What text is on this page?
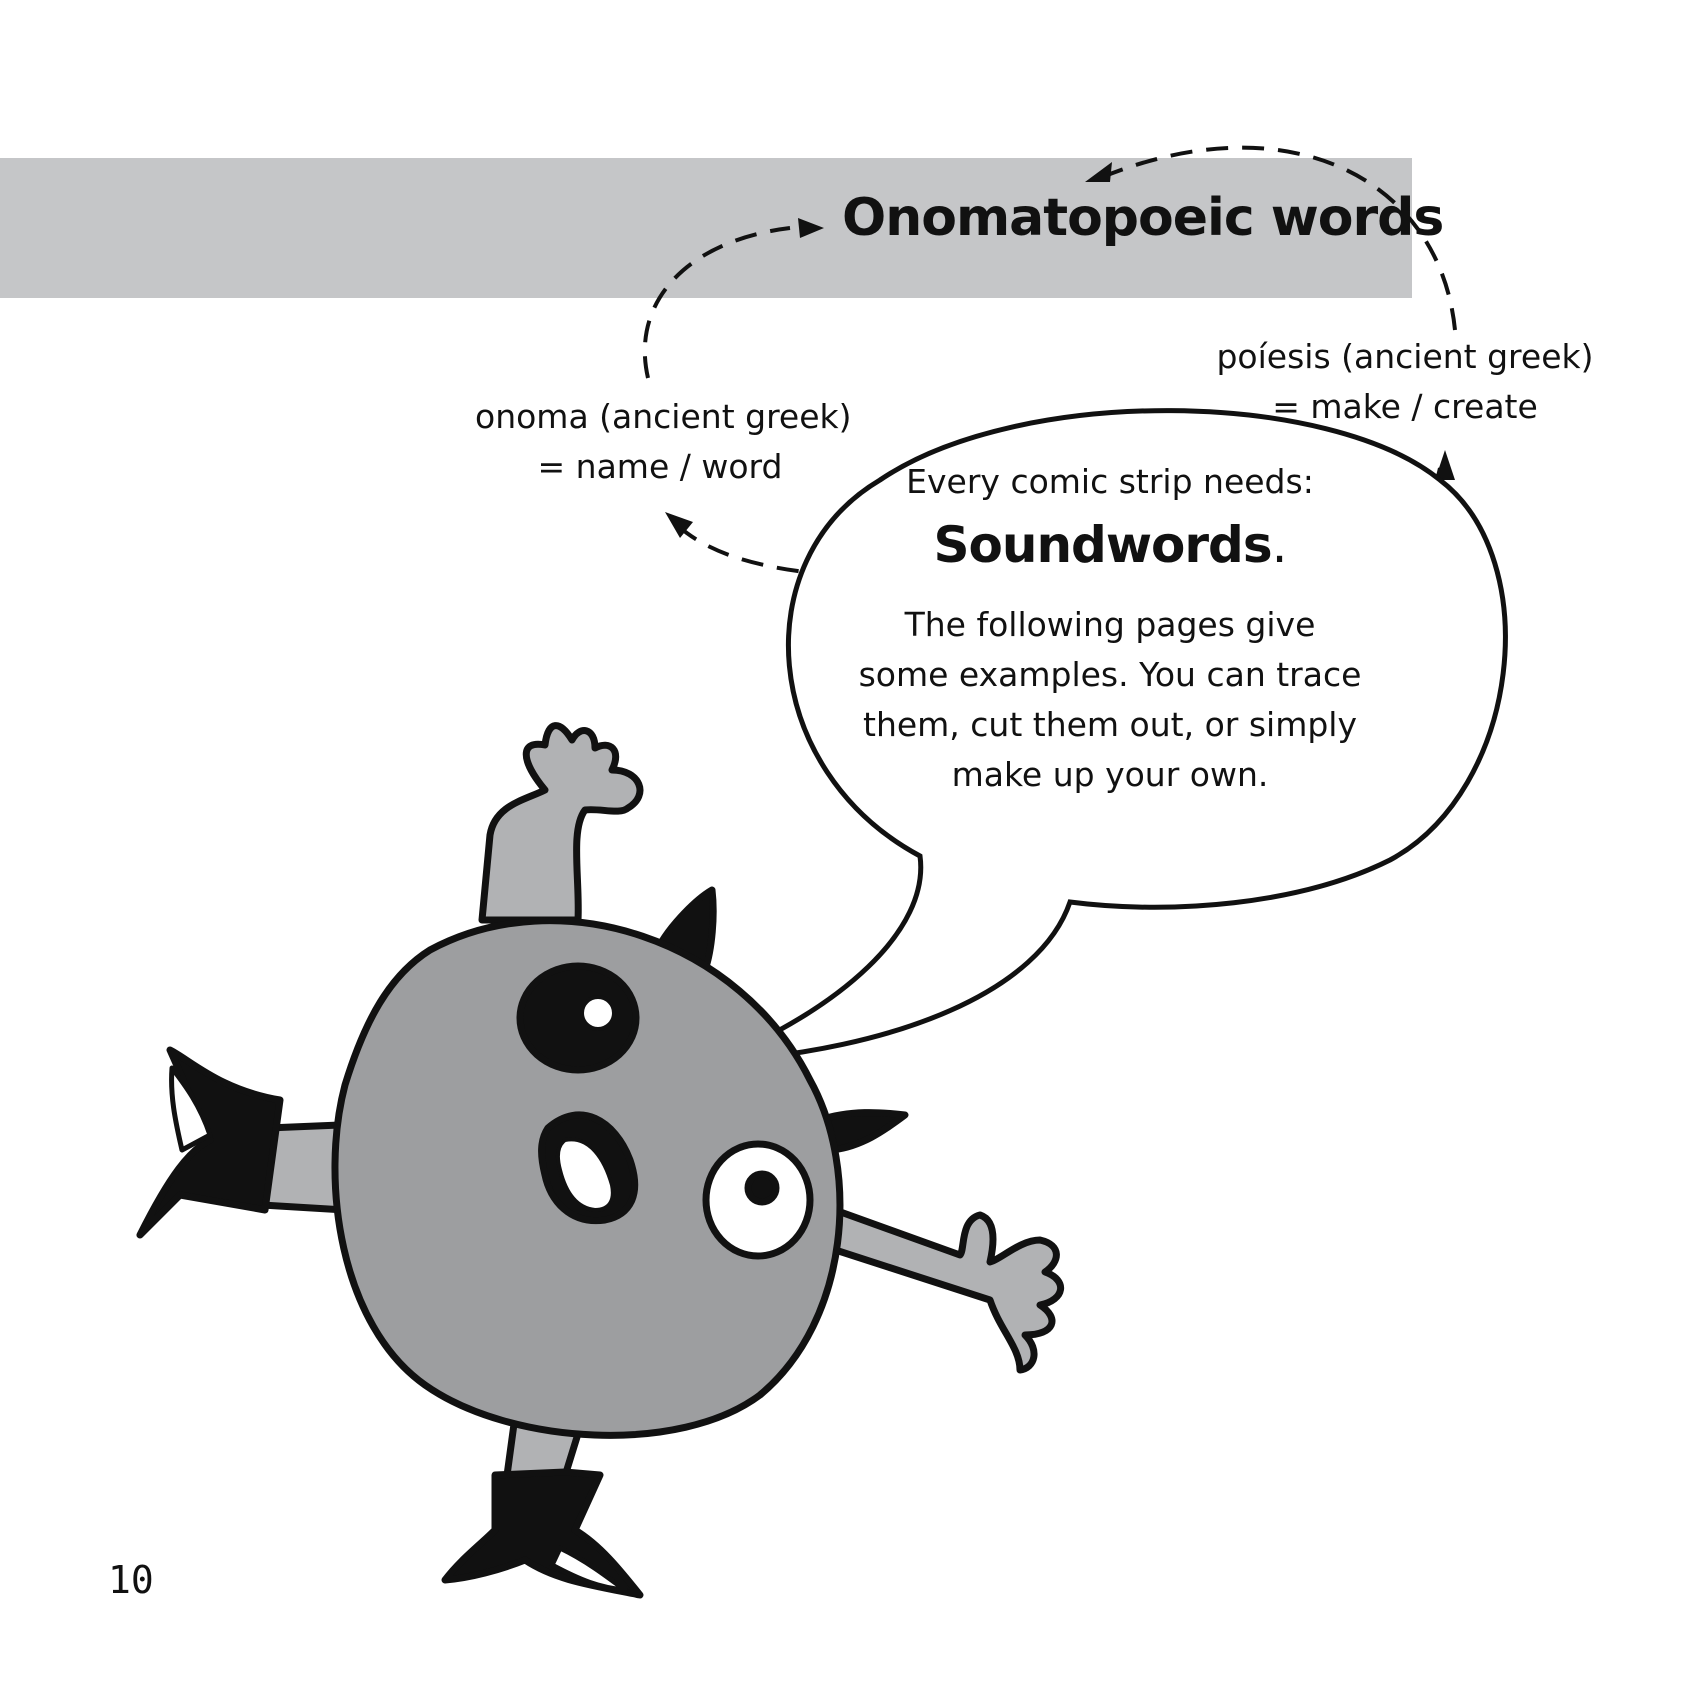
Onomatopoeic words
onoma (ancient greek)
= name / word
poíesis (ancient greek)
= make / create
Every comic strip needs:
Soundwords.
The following pages give
some examples. You can trace
them, cut them out, or simply
make up your own.
10
